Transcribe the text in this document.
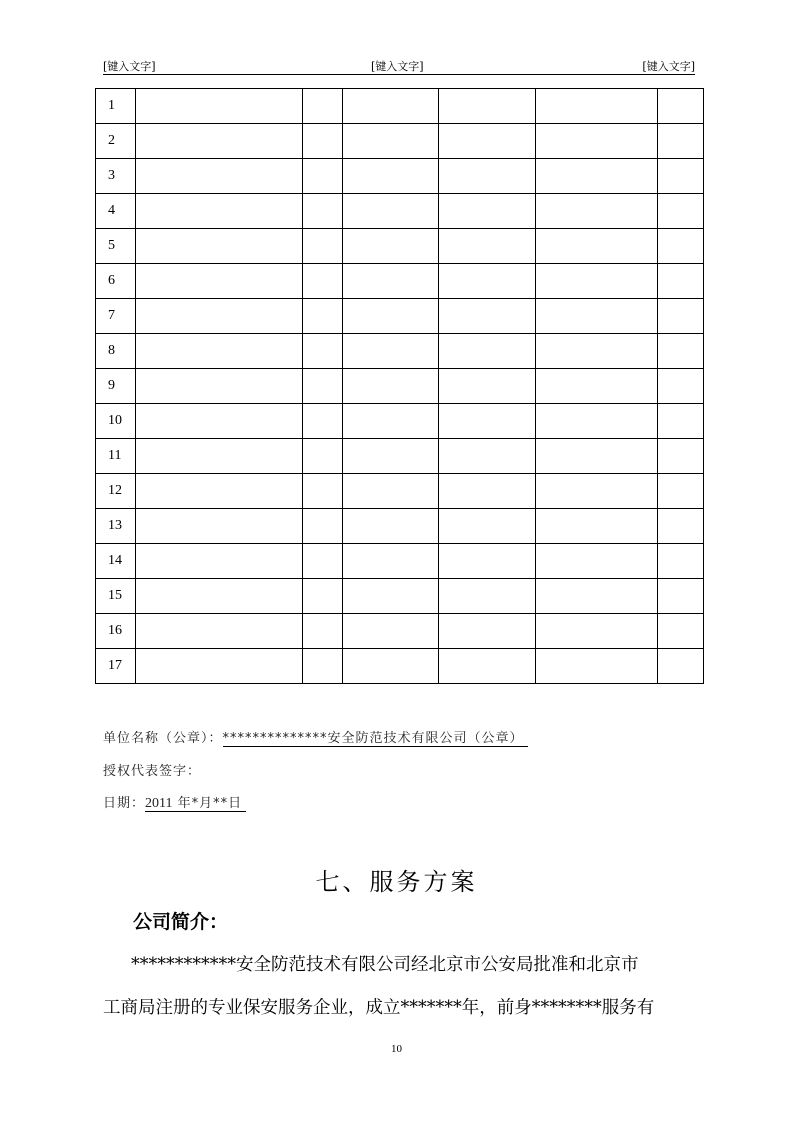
[键入文字]	[键入文字]	[键入文字]
1						
2						
3						
4						
5						
6						
7						
8						
9						
10						
11						
12						
13						
14						
15						
16						
17						
单位名称（公章）：**************安全防范技术有限公司（公章）
授权代表签字：
日期：2011 年*月**日
七、服务方案
公司简介：
************安全防范技术有限公司经北京市公安局批准和北京市
工商局注册的专业保安服务企业，成立*******年，前身********服务有
10
